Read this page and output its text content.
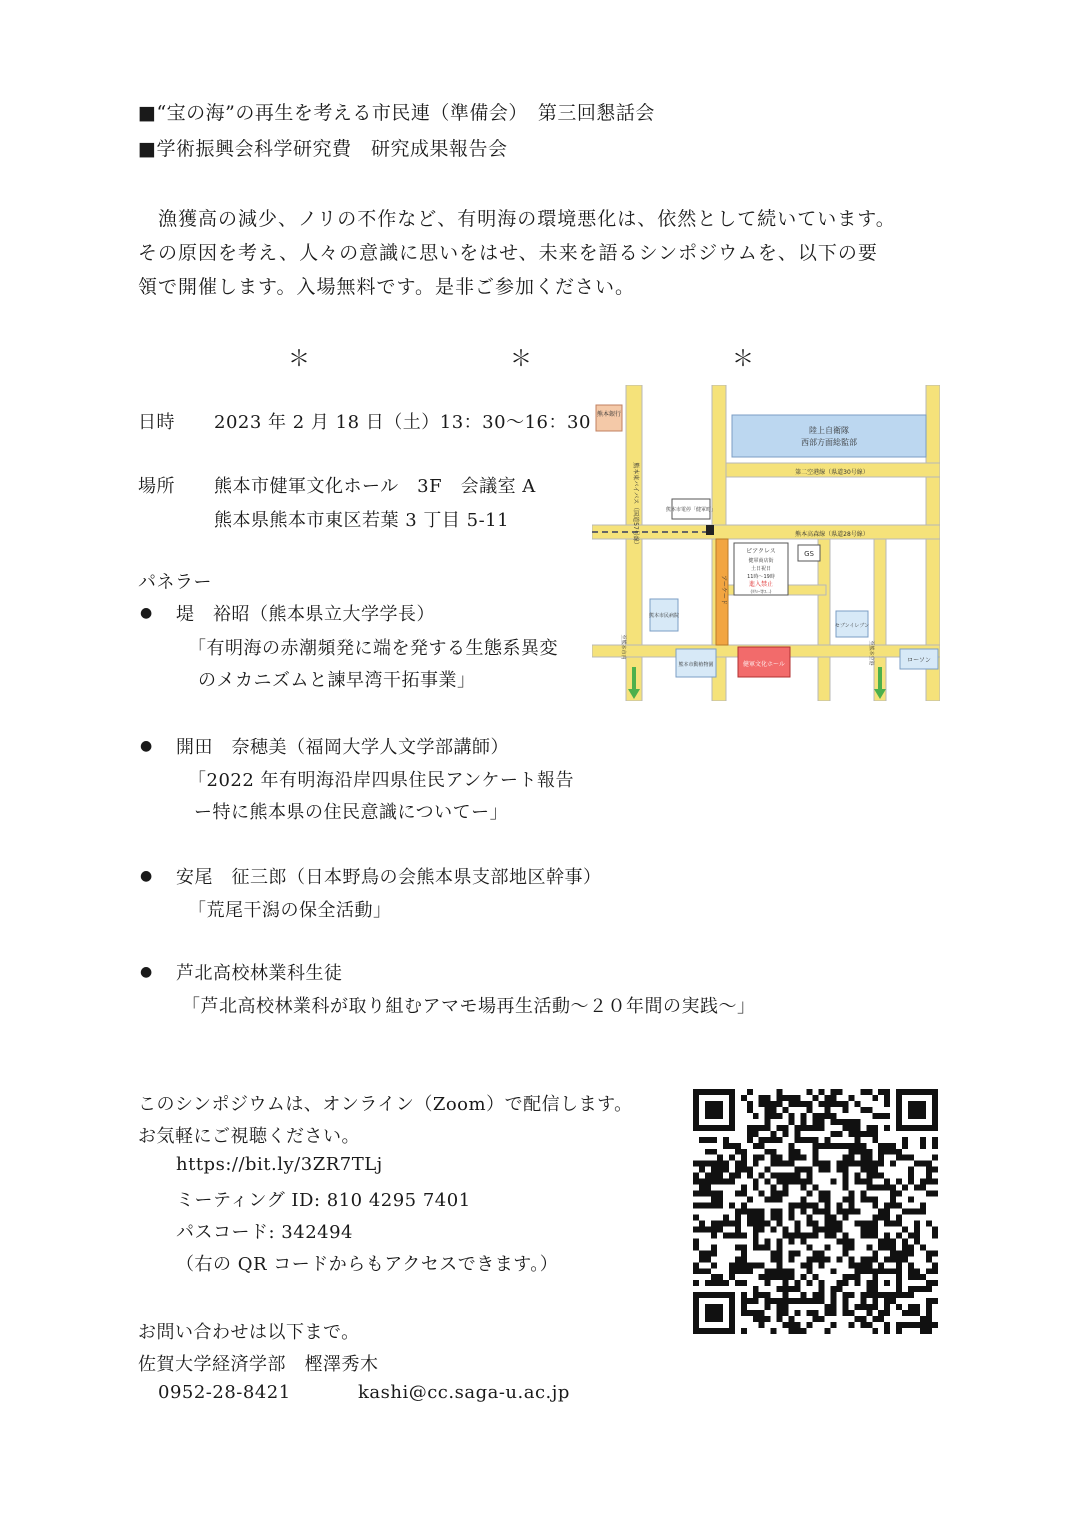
■“宝の海”の再生を考える市民連（準備会）　第三回懇話会
■学術振興会科学研究費　研究成果報告会
漁獲高の減少、ノリの不作など、有明海の環境悪化は、依然として続いています。
その原因を考え、人々の意識に思いをはせ、未来を語るシンポジウムを、以下の要
領で開催します。入場無料です。是非ご参加ください。
＊	＊	＊
日時 2023 年 2 月 18 日（土）13：30〜16：30
場所 熊本市健軍文化ホール　3F　会議室 A
熊本県熊本市東区若葉 3 丁目 5-11
パネラー
● 堤　裕昭（熊本県立大学学長）
「有明海の赤潮頻発に端を発する生態系異変
のメカニズムと諫早湾干拓事業」
● 開田　奈穂美（福岡大学人文学部講師）
「2022 年有明海沿岸四県住民アンケート報告
ー特に熊本県の住民意識についてー」
● 安尾　征三郎（日本野鳥の会熊本県支部地区幹事）
「荒尾干潟の保全活動」
● 芦北高校林業科生徒
「芦北高校林業科が取り組むアマモ場再生活動〜２０年間の実践〜」
このシンポジウムは、オンライン（Zoom）で配信します。
お気軽にご視聴ください。
https://bit.ly/3ZR7TLj
ミーティング ID: 810 4295 7401
パスコード: 342494
（右の QR コードからもアクセスできます。）
お問い合わせは以下まで。
佐賀大学経済学部　樫澤秀木
0952-28-8421	kashi@cc.saga-u.ac.jp
陸上自衛隊
西部方面総監部
熊本銀行
第二空港線（県道30号線）
熊本高森線（県道28号線）
熊本東バイパス（国道57号線）	熊本市電停「健軍町」
ピアクレス
健軍商店街
土日祝日
11時〜19時
進入禁止
(ﾀｸｼｰ等ｽ...)
GS
アーケード
熊本市民病院
セブンイレブン
熊本市動植物園	健軍文化ホール
ローソン
至熊本市内	至熊本空港
